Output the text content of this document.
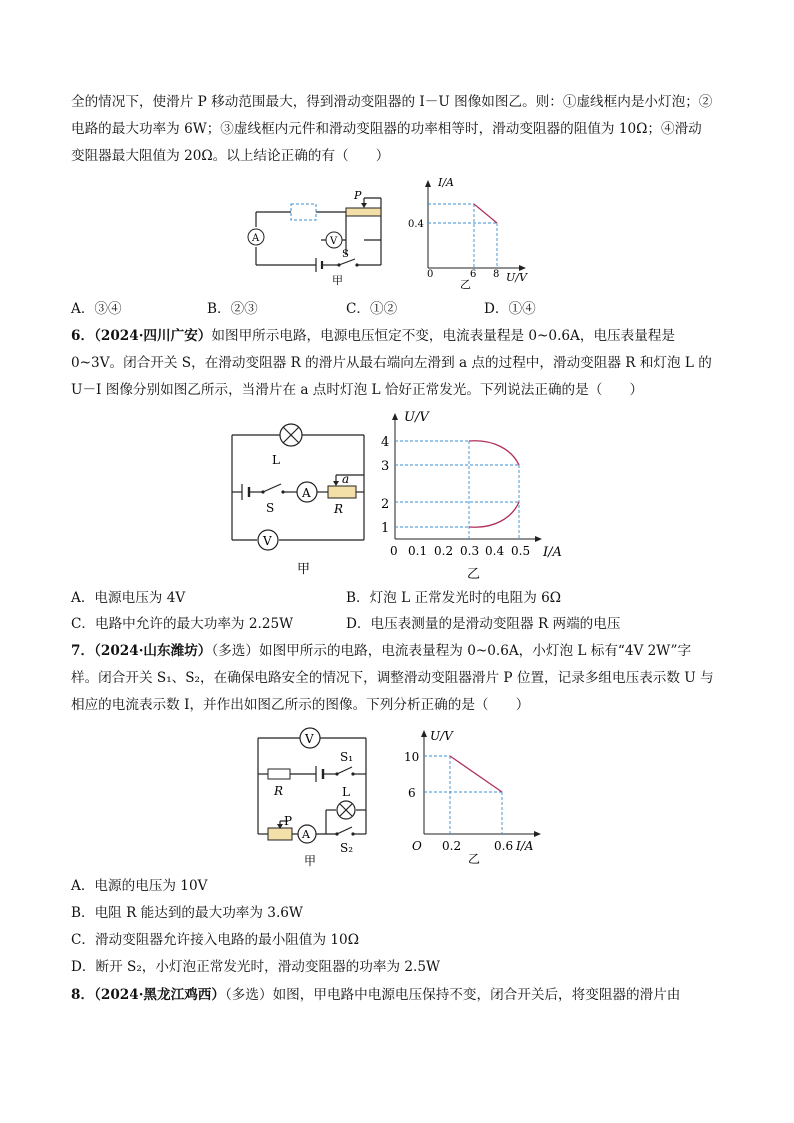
全的情况下，使滑片 P 移动范围最大，得到滑动变阻器的 I－U 图像如图乙。则：①虚线框内是小灯泡；②
电路的最大功率为 6W；③虚线框内元件和滑动变阻器的功率相等时，滑动变阻器的阻值为 10Ω；④滑动
变阻器最大阻值为 20Ω。以上结论正确的有（　　）
P
A	V
S
甲
I/A
U/V
0
0.4
6 8
乙
A．③④	B．②③	C．①②	D．①④
6．（2024·四川广安）如图甲所示电路，电源电压恒定不变，电流表量程是 0~0.6A，电压表量程是
0~3V。闭合开关 S，在滑动变阻器 R 的滑片从最右端向左滑到 a 点的过程中，滑动变阻器 R 和灯泡 L 的
U－I 图像分别如图乙所示，当滑片在 a 点时灯泡 L 恰好正常发光。下列说法正确的是（　　）
L
S
A
a
R
V
甲
U/V
I/A
1
2
3
4
0 0.1 0.2 0.3 0.4 0.5
乙
A．电源电压为 4V	B．灯泡 L 正常发光时的电阻为 6Ω
C．电路中允许的最大功率为 2.25W	D．电压表测量的是滑动变阻器 R 两端的电压
7．（2024·山东潍坊）（多选）如图甲所示的电路，电流表量程为 0~0.6A，小灯泡 L 标有“4V 2W”字
样。闭合开关 S₁、S₂，在确保电路安全的情况下，调整滑动变阻器滑片 P 位置，记录多组电压表示数 U 与
相应的电流表示数 I，并作出如图乙所示的图像。下列分析正确的是（　　）
V
R
S₁
L
P
A
S₂
甲
U/V
I/A
O
6
10
0.2	0.6
乙
A．电源的电压为 10V
B．电阻 R 能达到的最大功率为 3.6W
C．滑动变阻器允许接入电路的最小阻值为 10Ω
D．断开 S₂，小灯泡正常发光时，滑动变阻器的功率为 2.5W
8．（2024·黑龙江鸡西）（多选）如图，甲电路中电源电压保持不变，闭合开关后，将变阻器的滑片由
